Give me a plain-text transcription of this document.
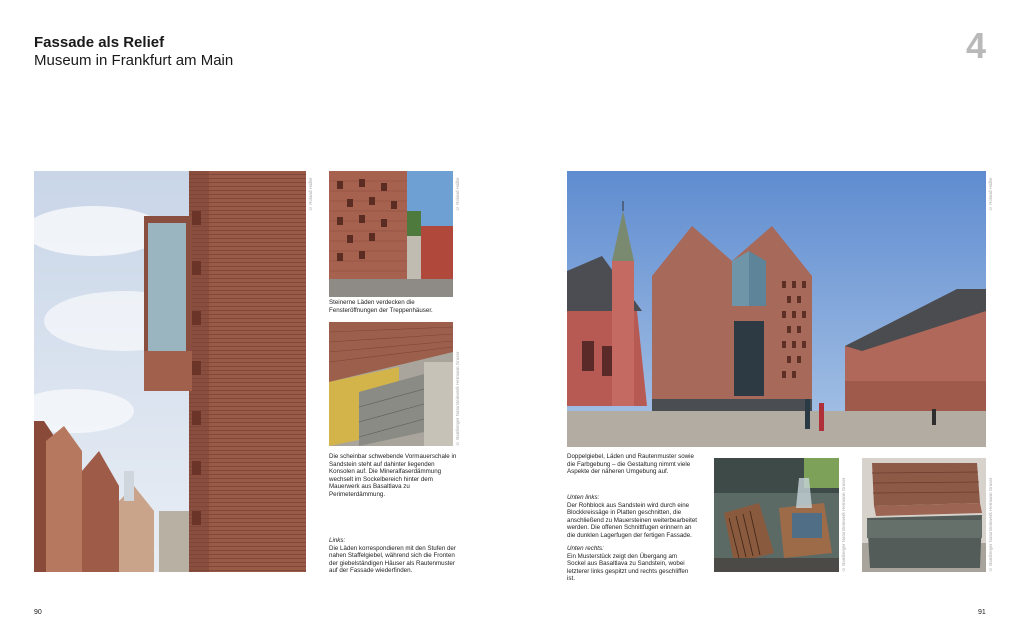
Fassade als Relief
Museum in Frankfurt am Main	4
© Roland Halbe	© Roland Halbe
Steinerne Läden verdecken die Fensteröffnungen der Treppenhäuser.
© Bamberger Natursteinwerk Hermann Graser
Die scheinbar schwebende Vormauerschale in Sandstein steht auf dahinter liegenden Konsolen auf. Die Mineralfaserdämmung wechselt im Sockelbereich hinter dem Mauerwerk aus Basaltlava zu Perimeterdämmung.
Links:
Die Läden korrespondieren mit den Stufen der nahen Staffelgiebel, während sich die Fronten der giebelständigen Häuser als Rautenmuster auf der Fassade wiederfinden.
© Roland Halbe
Doppelgiebel, Läden und Rautenmuster sowie die Farbgebung – die Gestaltung nimmt viele Aspekte der näheren Umgebung auf.
Unten links:
Der Rohblock aus Sandstein wird durch eine Blockkreissäge in Platten geschnitten, die anschließend zu Mauersteinen weiterbearbeitet werden. Die offenen Schnittfugen erinnern an die dunklen Lagerfugen der fertigen Fassade.
Unten rechts:
Ein Musterstück zeigt den Übergang am Sockel aus Basaltlava zu Sandstein, wobei letzterer links gespitzt und rechts geschliffen ist.
© Bamberger Natursteinwerk Hermann Graser	© Bamberger Natursteinwerk Hermann Graser
90	91
